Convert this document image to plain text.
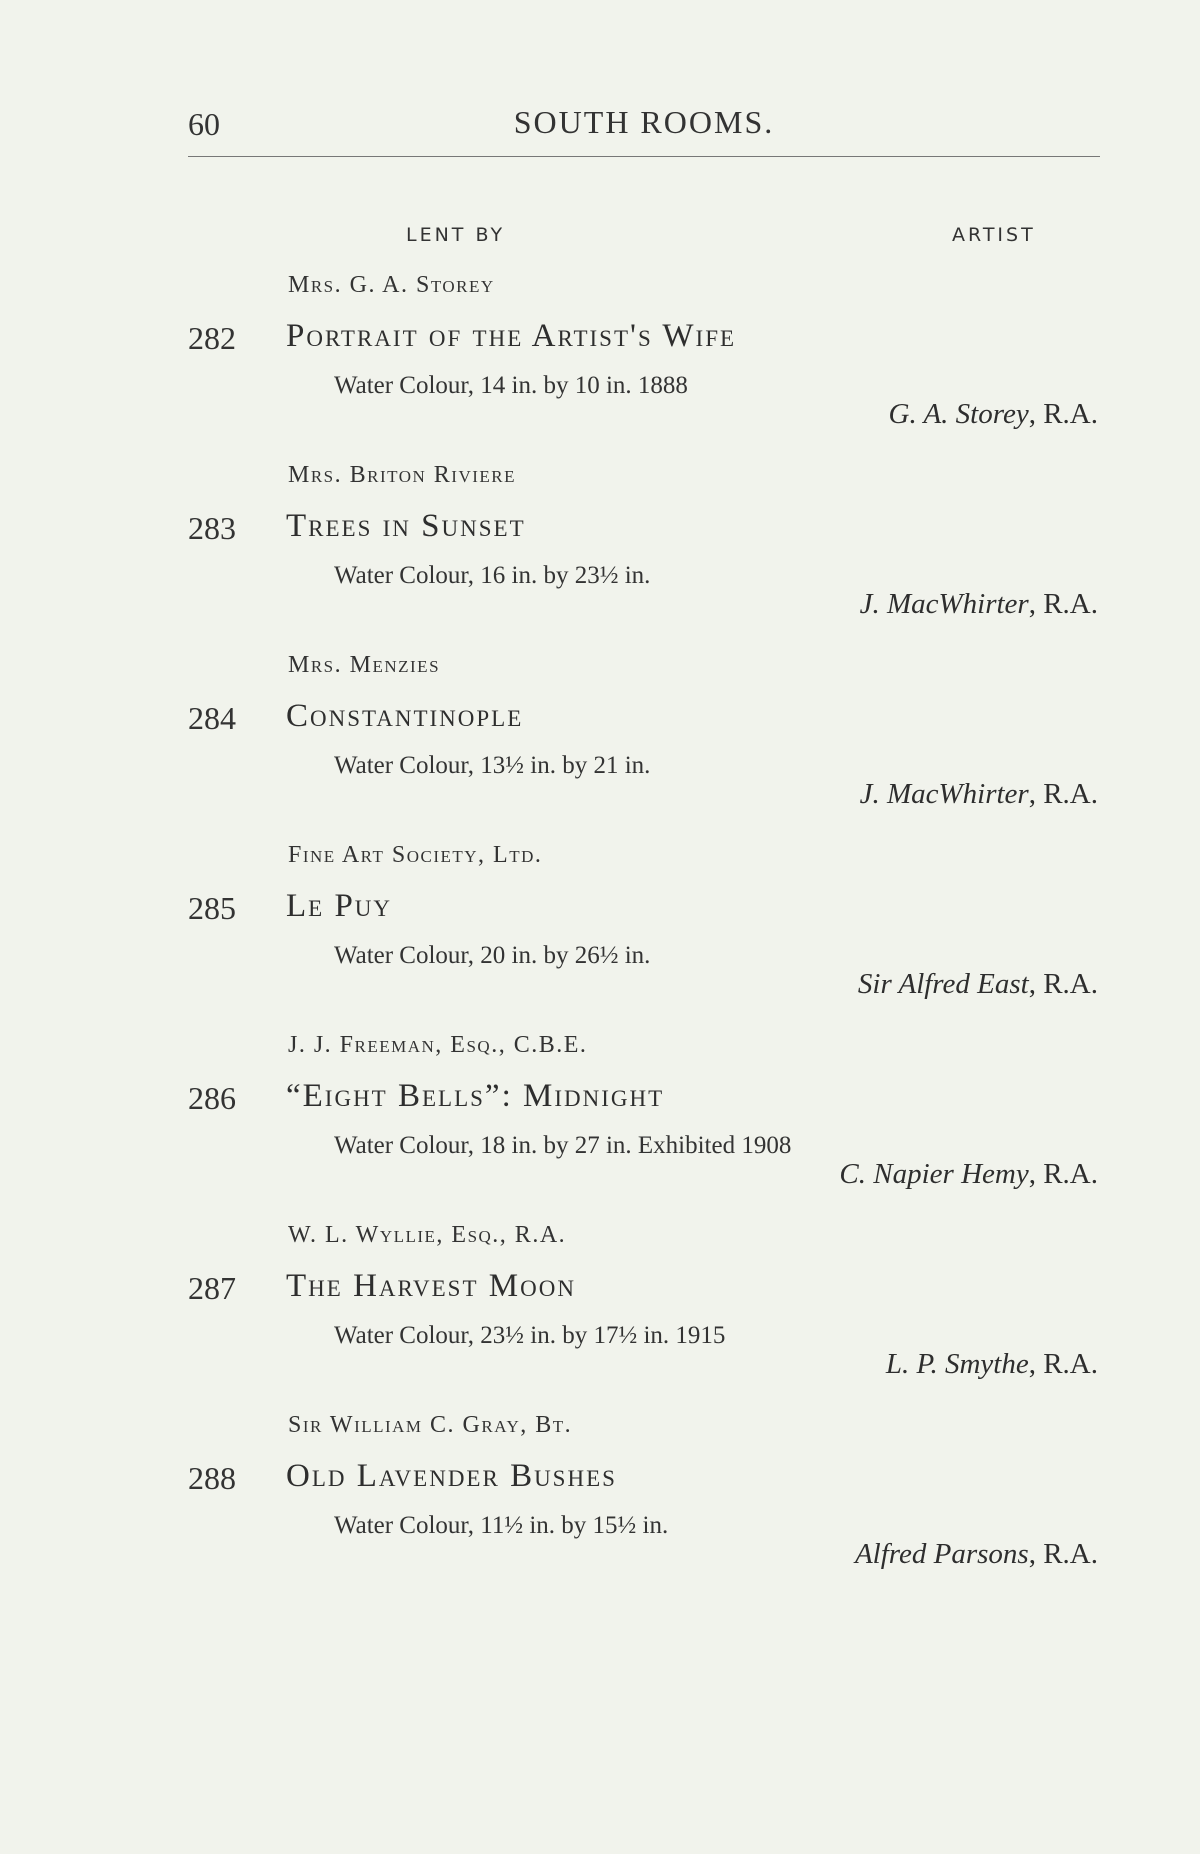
60	SOUTH ROOMS.
LENT BY	ARTIST
Mrs. G. A. Storey
282 Portrait of the Artist's Wife
Water Colour, 14 in. by 10 in. 1888
G. A. Storey, R.A.
Mrs. Briton Riviere
283 Trees in Sunset
Water Colour, 16 in. by 23½ in.
J. MacWhirter, R.A.
Mrs. Menzies
284 Constantinople
Water Colour, 13½ in. by 21 in.
J. MacWhirter, R.A.
Fine Art Society, Ltd.
285 Le Puy
Water Colour, 20 in. by 26½ in.
Sir Alfred East, R.A.
J. J. Freeman, Esq., C.B.E.
286 “Eight Bells”: Midnight
Water Colour, 18 in. by 27 in. Exhibited 1908
C. Napier Hemy, R.A.
W. L. Wyllie, Esq., R.A.
287 The Harvest Moon
Water Colour, 23½ in. by 17½ in. 1915
L. P. Smythe, R.A.
Sir William C. Gray, Bt.
288 Old Lavender Bushes
Water Colour, 11½ in. by 15½ in.
Alfred Parsons, R.A.
